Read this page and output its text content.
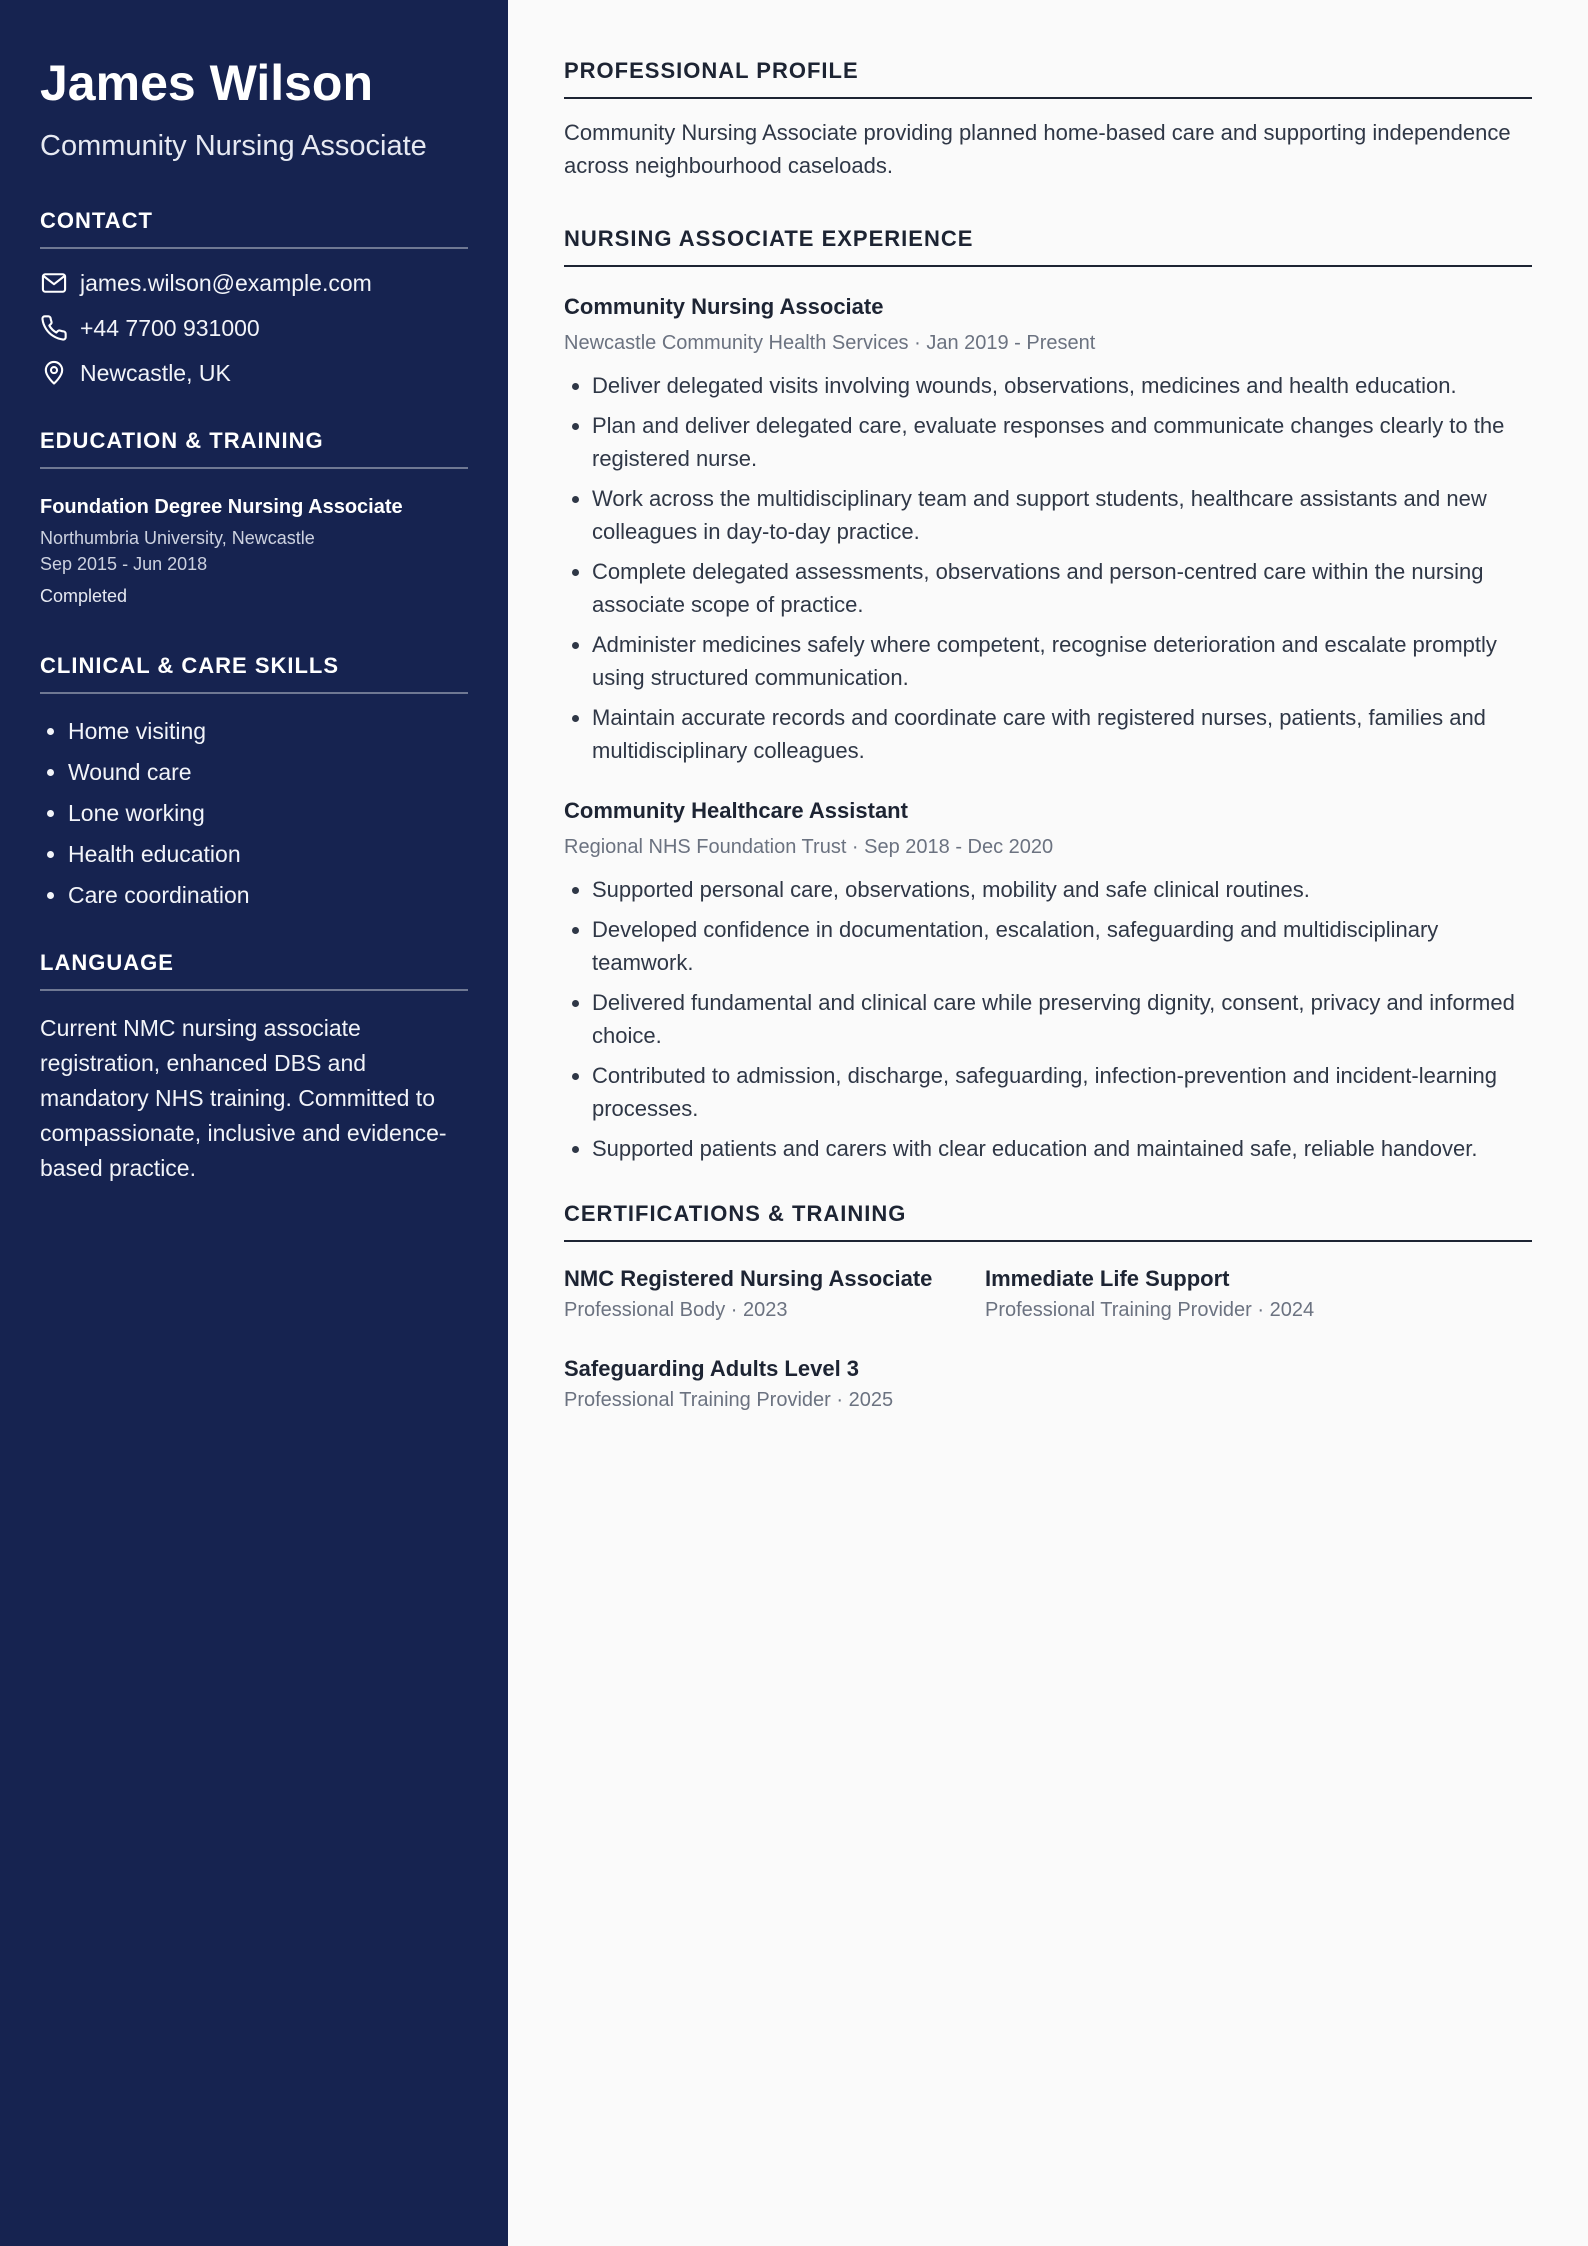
James Wilson

Community Nursing Associate

CONTACT
james.wilson@example.com
+44 7700 931000
Newcastle, UK
EDUCATION & TRAINING

Foundation Degree Nursing Associate

Northumbria University, Newcastle

Sep 2015 - Jun 2018

Completed

CLINICAL & CARE SKILLS
• Home visiting
• Wound care
• Lone working
• Health education
• Care coordination
LANGUAGE

Current NMC nursing associate registration, enhanced DBS and mandatory NHS training. Committed to compassionate, inclusive and evidence-based practice.

PROFESSIONAL PROFILE

Community Nursing Associate providing planned home-based care and supporting independence across neighbourhood caseloads.

NURSING ASSOCIATE EXPERIENCE
Community Nursing Associate

Newcastle Community Health Services · Jan 2019 - Present

• Deliver delegated visits involving wounds, observations, medicines and health education.
• Plan and deliver delegated care, evaluate responses and communicate changes clearly to the registered nurse.
• Work across the multidisciplinary team and support students, healthcare assistants and new colleagues in day-to-day practice.
• Complete delegated assessments, observations and person-centred care within the nursing associate scope of practice.
• Administer medicines safely where competent, recognise deterioration and escalate promptly using structured communication.
• Maintain accurate records and coordinate care with registered nurses, patients, families and multidisciplinary colleagues.
Community Healthcare Assistant

Regional NHS Foundation Trust · Sep 2018 - Dec 2020

• Supported personal care, observations, mobility and safe clinical routines.
• Developed confidence in documentation, escalation, safeguarding and multidisciplinary teamwork.
• Delivered fundamental and clinical care while preserving dignity, consent, privacy and informed choice.
• Contributed to admission, discharge, safeguarding, infection-prevention and incident-learning processes.
• Supported patients and carers with clear education and maintained safe, reliable handover.
CERTIFICATIONS & TRAINING

NMC Registered Nursing Associate

Professional Body · 2023

Immediate Life Support

Professional Training Provider · 2024

Safeguarding Adults Level 3

Professional Training Provider · 2025
